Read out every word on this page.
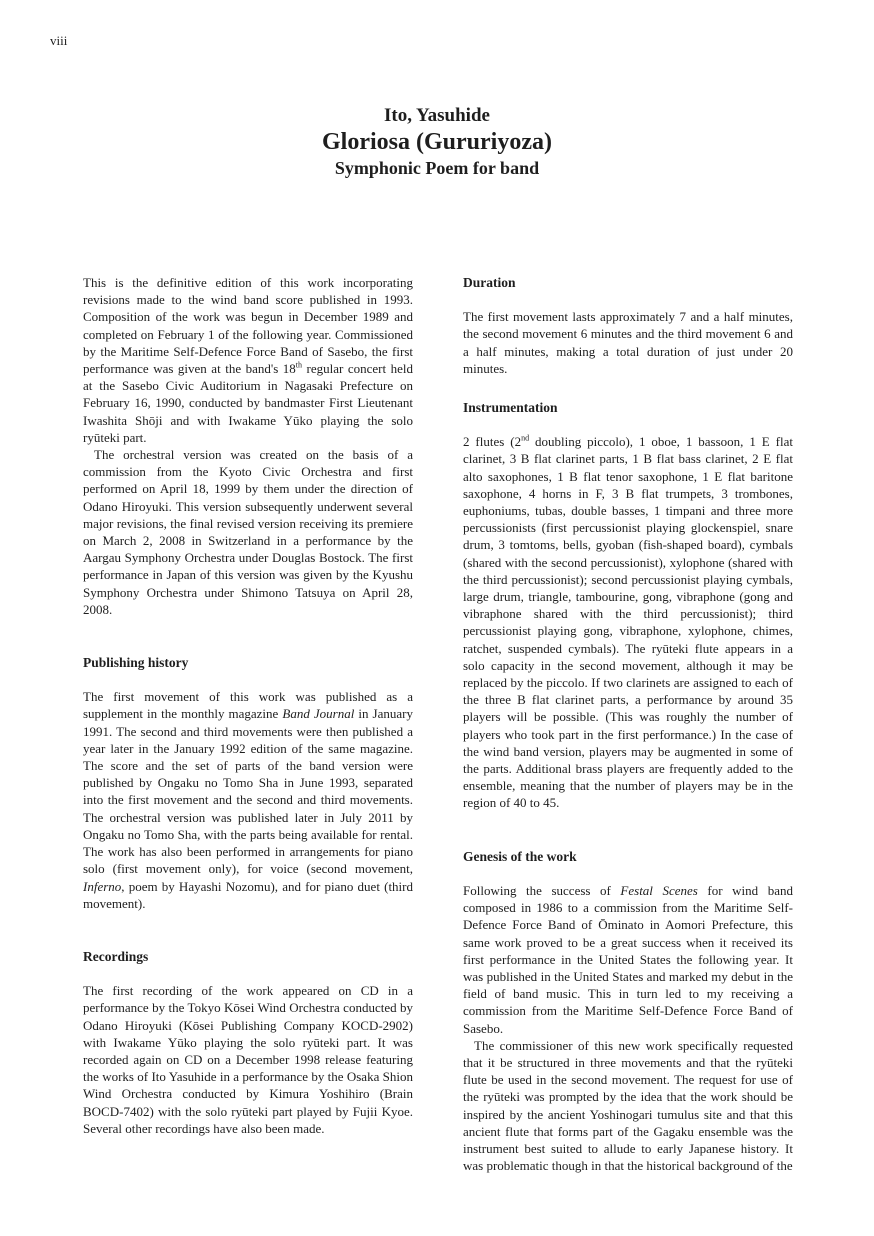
viii
Ito, Yasuhide
Gloriosa (Gururiyoza)
Symphonic Poem for band

This is the definitive edition of this work incorporating revisions made to the wind band score published in 1993. Composition of the work was begun in December 1989 and completed on February 1 of the following year. Commissioned by the Maritime Self-Defence Force Band of Sasebo, the first performance was given at the band's 18th regular concert held at the Sasebo Civic Auditorium in Nagasaki Prefecture on February 16, 1990, conducted by bandmaster First Lieutenant Iwashita Shōji and with Iwakame Yūko playing the solo ryūteki part.

The orchestral version was created on the basis of a commission from the Kyoto Civic Orchestra and first performed on April 18, 1999 by them under the direction of Odano Hiroyuki. This version subsequently underwent several major revisions, the final revised version receiving its premiere on March 2, 2008 in Switzerland in a performance by the Aargau Symphony Orchestra under Douglas Bostock. The first performance in Japan of this version was given by the Kyushu Symphony Orchestra under Shimono Tatsuya on April 28, 2008.

Publishing history

The first movement of this work was published as a supplement in the monthly magazine Band Journal in January 1991. The second and third movements were then published a year later in the January 1992 edition of the same magazine. The score and the set of parts of the band version were published by Ongaku no Tomo Sha in June 1993, separated into the first movement and the second and third movements. The orchestral version was published later in July 2011 by Ongaku no Tomo Sha, with the parts being available for rental. The work has also been performed in arrangements for piano solo (first movement only), for voice (second movement, Inferno, poem by Hayashi Nozomu), and for piano duet (third movement).

Recordings

The first recording of the work appeared on CD in a performance by the Tokyo Kōsei Wind Orchestra conducted by Odano Hiroyuki (Kōsei Publishing Company KOCD-2902) with Iwakame Yūko playing the solo ryūteki part. It was recorded again on CD on a December 1998 release featuring the works of Ito Yasuhide in a performance by the Osaka Shion Wind Orchestra conducted by Kimura Yoshihiro (Brain BOCD-7402) with the solo ryūteki part played by Fujii Kyoe. Several other recordings have also been made.

Duration

The first movement lasts approximately 7 and a half minutes, the second movement 6 minutes and the third movement 6 and a half minutes, making a total duration of just under 20 minutes.

Instrumentation

2 flutes (2nd doubling piccolo), 1 oboe, 1 bassoon, 1 E flat clarinet, 3 B flat clarinet parts, 1 B flat bass clarinet, 2 E flat alto saxophones, 1 B flat tenor saxophone, 1 E flat baritone saxophone, 4 horns in F, 3 B flat trumpets, 3 trombones, euphoniums, tubas, double basses, 1 timpani and three more percussionists (first percussionist playing glockenspiel, snare drum, 3 tomtoms, bells, gyoban (fish-shaped board), cymbals (shared with the second percussionist), xylophone (shared with the third percussionist); second percussionist playing cymbals, large drum, triangle, tambourine, gong, vibraphone (gong and vibraphone shared with the third percussionist); third percussionist playing gong, vibraphone, xylophone, chimes, ratchet, suspended cymbals). The ryūteki flute appears in a solo capacity in the second movement, although it may be replaced by the piccolo. If two clarinets are assigned to each of the three B flat clarinet parts, a performance by around 35 players will be possible. (This was roughly the number of players who took part in the first performance.) In the case of the wind band version, players may be augmented in some of the parts. Additional brass players are frequently added to the ensemble, meaning that the number of players may be in the region of 40 to 45.

Genesis of the work

Following the success of Festal Scenes for wind band composed in 1986 to a commission from the Maritime Self-Defence Force Band of Ōminato in Aomori Prefecture, this same work proved to be a great success when it received its first performance in the United States the following year. It was published in the United States and marked my debut in the field of band music. This in turn led to my receiving a commission from the Maritime Self-Defence Force Band of Sasebo.

The commissioner of this new work specifically requested that it be structured in three movements and that the ryūteki flute be used in the second movement. The request for use of the ryūteki was prompted by the idea that the work should be inspired by the ancient Yoshinogari tumulus site and that this ancient flute that forms part of the Gagaku ensemble was the instrument best suited to allude to early Japanese history. It was problematic though in that the historical background of the
